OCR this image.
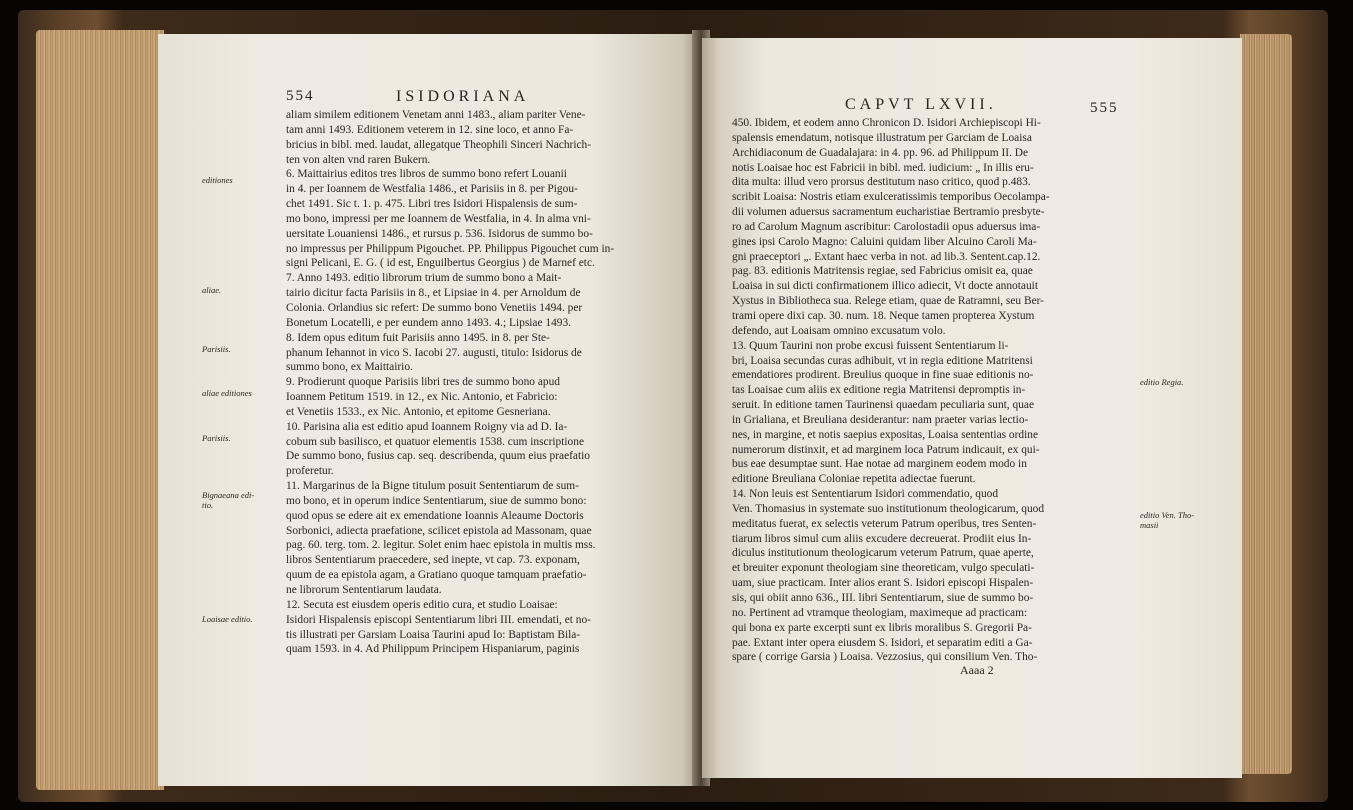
554	ISIDORIANA
aliam similem editionem Venetam anni 1483., aliam pariter Vene-
tam anni 1493. Editionem veterem in 12. sine loco, et anno Fa-
bricius in bibl. med. laudat, allegatque Theophili Sinceri Nachrich-
ten von alten vnd raren Bukern.
6. Maittairius editos tres libros de summo bono refert Louanii
in 4. per Ioannem de Westfalia 1486., et Parisiis in 8. per Pigou-
chet 1491. Sic t. 1. p. 475. Libri tres Isidori Hispalensis de sum-
mo bono, impressi per me Ioannem de Westfalia, in 4. In alma vni-
uersitate Louaniensi 1486., et rursus p. 536. Isidorus de summo bo-
no impressus per Philippum Pigouchet. PP. Philippus Pigouchet cum in-
signi Pelicani, E. G. ( id est, Enguilbertus Georgius ) de Marnef etc.
7. Anno 1493. editio librorum trium de summo bono a Mait-
tairio dicitur facta Parisiis in 8., et Lipsiae in 4. per Arnoldum de
Colonia. Orlandius sic refert: De summo bono Venetiis 1494. per
Bonetum Locatelli, e per eundem anno 1493. 4.; Lipsiae 1493.
8. Idem opus editum fuit Parisiis anno 1495. in 8. per Ste-
phanum Iehannot in vico S. Iacobi 27. augusti, titulo: Isidorus de
summo bono, ex Maittairio.
9. Prodierunt quoque Parisiis libri tres de summo bono apud
Ioannem Petitum 1519. in 12., ex Nic. Antonio, et Fabricio:
et Venetiis 1533., ex Nic. Antonio, et epitome Gesneriana.
10. Parisina alia est editio apud Ioannem Roigny via ad D. Ia-
cobum sub basilisco, et quatuor elementis 1538. cum inscriptione
De summo bono, fusius cap. seq. describenda, quum eius praefatio
proferetur.
11. Margarinus de la Bigne titulum posuit Sententiarum de sum-
mo bono, et in operum indice Sententiarum, siue de summo bono:
quod opus se edere ait ex emendatione Ioannis Aleaume Doctoris
Sorbonici, adiecta praefatione, scilicet epistola ad Massonam, quae
pag. 60. terg. tom. 2. legitur. Solet enim haec epistola in multis mss.
libros Sententiarum praecedere, sed inepte, vt cap. 73. exponam,
quum de ea epistola agam, a Gratiano quoque tamquam praefatio-
ne librorum Sententiarum laudata.
12. Secuta est eiusdem operis editio cura, et studio Loaisae:
Isidori Hispalensis episcopi Sententiarum libri III. emendati, et no-
tis illustrati per Garsiam Loaisa Taurini apud Io: Baptistam Bila-
quam 1593. in 4. Ad Philippum Principem Hispaniarum, paginis
editiones
aliae.
Parisiis.
aliae editiones
Parisiis.
Bignaeana edi-
tio.
Loaisae editio.
CAPVT LXVII.	555
450. Ibidem, et eodem anno Chronicon D. Isidori Archiepiscopi Hi-
spalensis emendatum, notisque illustratum per Garciam de Loaisa
Archidiaconum de Guadalajara: in 4. pp. 96. ad Philippum II. De
notis Loaisae hoc est Fabricii in bibl. med. iudicium: „ In illis eru-
dita multa: illud vero prorsus destitutum naso critico, quod p.483.
scribit Loaisa: Nostris etiam exulceratissimis temporibus Oecolampa-
dii volumen aduersus sacramentum eucharistiae Bertramio presbyte-
ro ad Carolum Magnum ascribitur: Carolostadii opus aduersus ima-
gines ipsi Carolo Magno: Caluini quidam liber Alcuino Caroli Ma-
gni praeceptori „. Extant haec verba in not. ad lib.3. Sentent.cap.12.
pag. 83. editionis Matritensis regiae, sed Fabricius omisit ea, quae
Loaisa in sui dicti confirmationem illico adiecit, Vt docte annotauit
Xystus in Bibliotheca sua. Relege etiam, quae de Ratramni, seu Ber-
trami opere dixi cap. 30. num. 18. Neque tamen propterea Xystum
defendo, aut Loaisam omnino excusatum volo.
13. Quum Taurini non probe excusi fuissent Sententiarum li-
bri, Loaisa secundas curas adhibuit, vt in regia editione Matritensi
emendatiores prodirent. Breulius quoque in fine suae editionis no-
tas Loaisae cum aliis ex editione regia Matritensi depromptis in-
seruit. In editione tamen Taurinensi quaedam peculiaria sunt, quae
in Grialiana, et Breuliana desiderantur: nam praeter varias lectio-
nes, in margine, et notis saepius expositas, Loaisa sententias ordine
numerorum distinxit, et ad marginem loca Patrum indicauit, ex qui-
bus eae desumptae sunt. Hae notae ad marginem eodem modo in
editione Breuliana Coloniae repetita adiectae fuerunt.
14. Non leuis est Sententiarum Isidori commendatio, quod
Ven. Thomasius in systemate suo institutionum theologicarum, quod
meditatus fuerat, ex selectis veterum Patrum operibus, tres Senten-
tiarum libros simul cum aliis excudere decreuerat. Prodiit eius In-
diculus institutionum theologicarum veterum Patrum, quae aperte,
et breuiter exponunt theologiam sine theoreticam, vulgo speculati-
uam, siue practicam. Inter alios erant S. Isidori episcopi Hispalen-
sis, qui obiit anno 636., III. libri Sententiarum, siue de summo bo-
no. Pertinent ad vtramque theologiam, maximeque ad practicam:
qui bona ex parte excerpti sunt ex libris moralibus S. Gregorii Pa-
pae. Extant inter opera eiusdem S. Isidori, et separatim editi a Ga-
spare ( corrige Garsia ) Loaisa. Vezzosius, qui consilium Ven. Tho-
editio Regia.
editio Ven. Tho-
masii
Aaaa 2
